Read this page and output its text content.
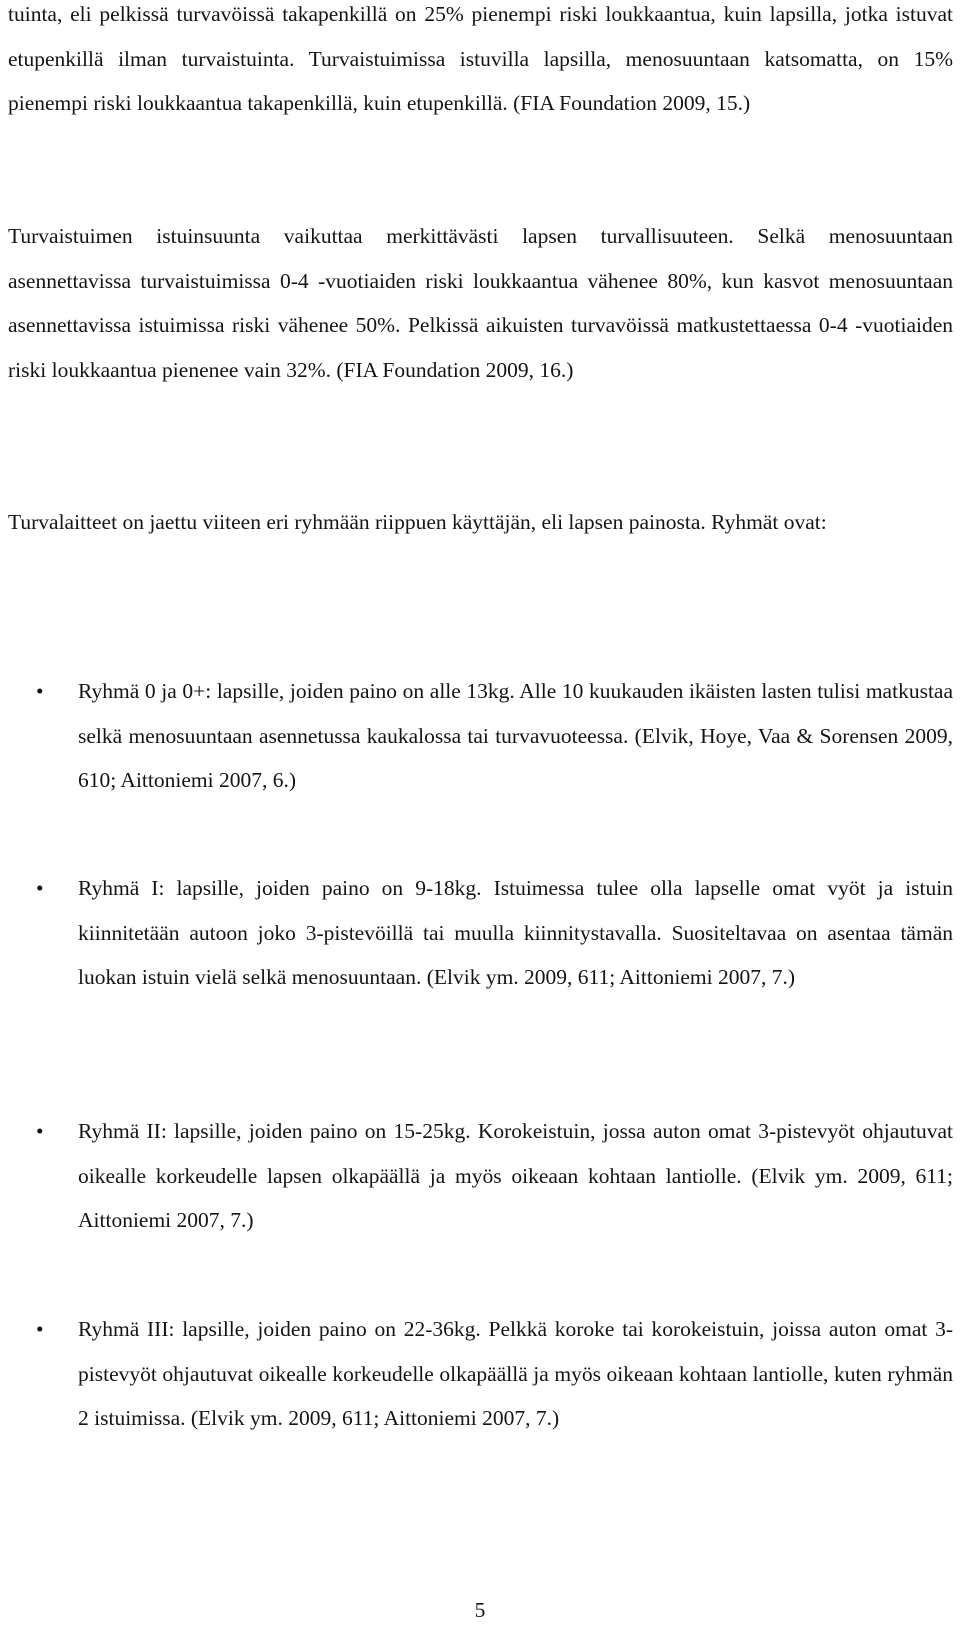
tuinta, eli pelkissä turvavöissä takapenkillä on 25% pienempi riski loukkaantua, kuin lapsilla, jotka istuvat etupenkillä ilman turvaistuinta. Turvaistuimissa istuvilla lapsilla, menosuuntaan katsomatta, on 15% pienempi riski loukkaantua takapenkillä, kuin etupenkillä. (FIA Foundation 2009, 15.)

Turvaistuimen istuinsuunta vaikuttaa merkittävästi lapsen turvallisuuteen. Selkä menosuuntaan asennettavissa turvaistuimissa 0-4 -vuotiaiden riski loukkaantua vähenee 80%, kun kasvot menosuuntaan asennettavissa istuimissa riski vähenee 50%. Pelkissä aikuisten turvavöissä matkustettaessa 0-4 -vuotiaiden riski loukkaantua pienenee vain 32%. (FIA Foundation 2009, 16.)

Turvalaitteet on jaettu viiteen eri ryhmään riippuen käyttäjän, eli lapsen painosta. Ryhmät ovat:

•	Ryhmä 0 ja 0+: lapsille, joiden paino on alle 13kg. Alle 10 kuukauden ikäisten lasten tulisi matkustaa selkä menosuuntaan asennetussa kaukalossa tai turvavuoteessa. (Elvik, Hoye, Vaa & Sorensen 2009, 610; Aittoniemi 2007, 6.)

•	Ryhmä I: lapsille, joiden paino on 9-18kg. Istuimessa tulee olla lapselle omat vyöt ja istuin kiinnitetään autoon joko 3-pistevöillä tai muulla kiinnitystavalla. Suositeltavaa on asentaa tämän luokan istuin vielä selkä menosuuntaan. (Elvik ym. 2009, 611; Aittoniemi 2007, 7.)

•	Ryhmä II: lapsille, joiden paino on 15-25kg. Korokeistuin, jossa auton omat 3-pistevyöt ohjautuvat oikealle korkeudelle lapsen olkapäällä ja myös oikeaan kohtaan lantiolle. (Elvik ym. 2009, 611; Aittoniemi 2007, 7.)

•	Ryhmä III: lapsille, joiden paino on 22-36kg. Pelkkä koroke tai korokeistuin, joissa auton omat 3-pistevyöt ohjautuvat oikealle korkeudelle olkapäällä ja myös oikeaan kohtaan lantiolle, kuten ryhmän 2 istuimissa. (Elvik ym. 2009, 611; Aittoniemi 2007, 7.)

5
